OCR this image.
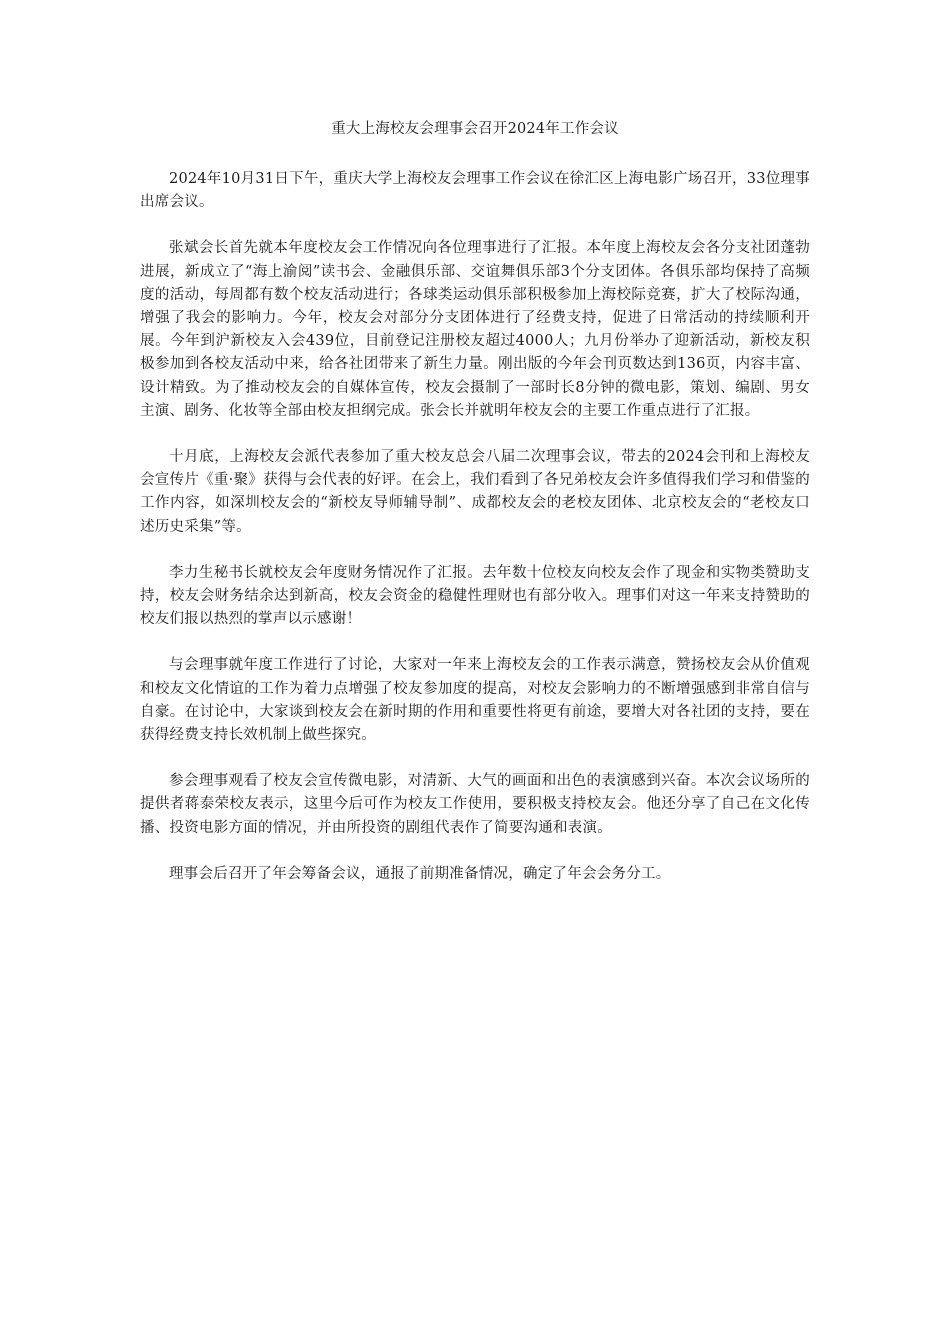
重大上海校友会理事会召开2024年工作会议

2024年10月31日下午，重庆大学上海校友会理事工作会议在徐汇区上海电影广场召开，33位理事出席会议。

张斌会长首先就本年度校友会工作情况向各位理事进行了汇报。本年度上海校友会各分支社团蓬勃进展，新成立了“海上渝阅”读书会、金融俱乐部、交谊舞俱乐部3个分支团体。各俱乐部均保持了高频度的活动，每周都有数个校友活动进行；各球类运动俱乐部积极参加上海校际竞赛，扩大了校际沟通，增强了我会的影响力。今年，校友会对部分分支团体进行了经费支持，促进了日常活动的持续顺利开展。今年到沪新校友入会439位，目前登记注册校友超过4000人；九月份举办了迎新活动，新校友积极参加到各校友活动中来，给各社团带来了新生力量。刚出版的今年会刊页数达到136页，内容丰富、设计精致。为了推动校友会的自媒体宣传，校友会摄制了一部时长8分钟的微电影，策划、编剧、男女主演、剧务、化妆等全部由校友担纲完成。张会长并就明年校友会的主要工作重点进行了汇报。

十月底，上海校友会派代表参加了重大校友总会八届二次理事会议，带去的2024会刊和上海校友会宣传片《重·聚》获得与会代表的好评。在会上，我们看到了各兄弟校友会许多值得我们学习和借鉴的工作内容，如深圳校友会的“新校友导师辅导制”、成都校友会的老校友团体、北京校友会的“老校友口述历史采集”等。

李力生秘书长就校友会年度财务情况作了汇报。去年数十位校友向校友会作了现金和实物类赞助支持，校友会财务结余达到新高，校友会资金的稳健性理财也有部分收入。理事们对这一年来支持赞助的校友们报以热烈的掌声以示感谢！

与会理事就年度工作进行了讨论，大家对一年来上海校友会的工作表示满意，赞扬校友会从价值观和校友文化情谊的工作为着力点增强了校友参加度的提高，对校友会影响力的不断增强感到非常自信与自豪。在讨论中，大家谈到校友会在新时期的作用和重要性将更有前途，要增大对各社团的支持，要在获得经费支持长效机制上做些探究。

参会理事观看了校友会宣传微电影，对清新、大气的画面和出色的表演感到兴奋。本次会议场所的提供者蒋泰荣校友表示，这里今后可作为校友工作使用，要积极支持校友会。他还分享了自己在文化传播、投资电影方面的情况，并由所投资的剧组代表作了简要沟通和表演。

理事会后召开了年会筹备会议，通报了前期准备情况，确定了年会会务分工。
